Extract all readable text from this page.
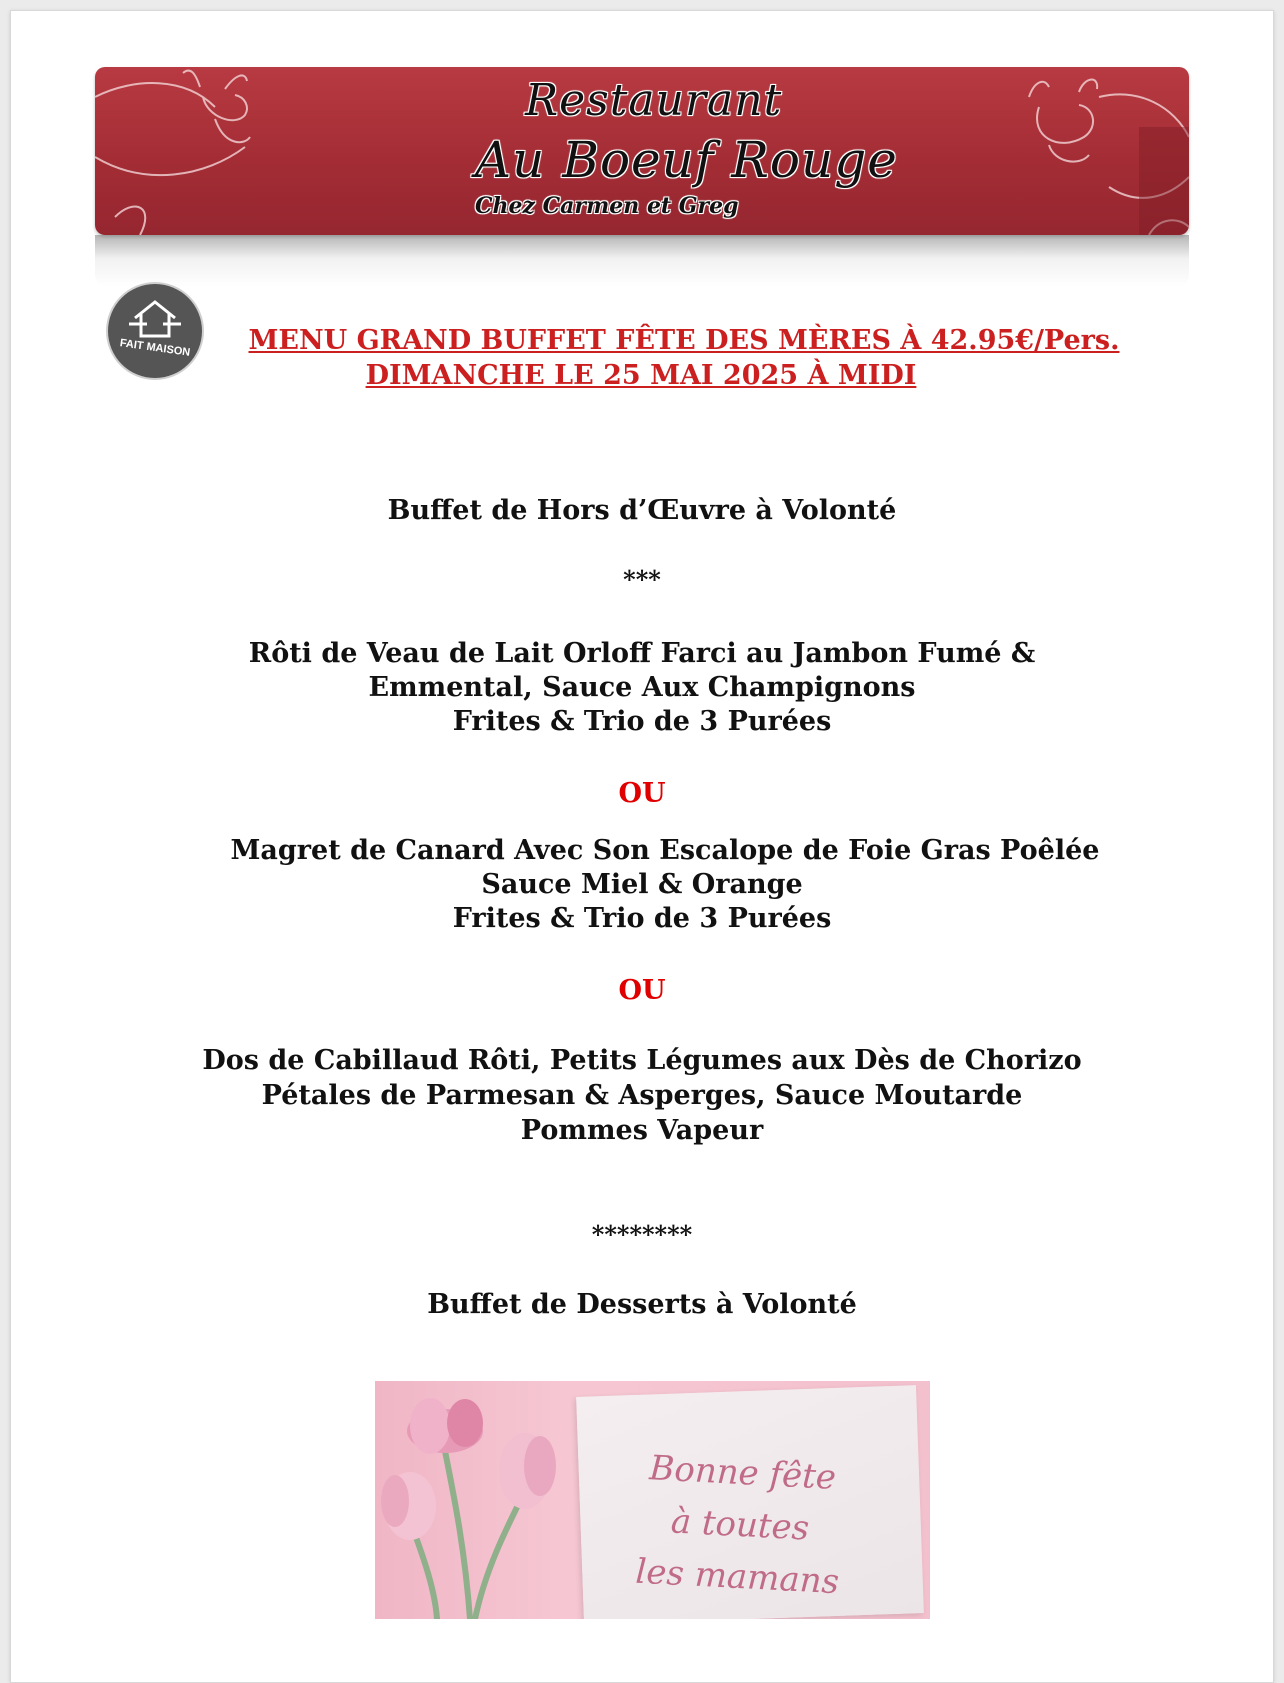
Restaurant
Au Boeuf Rouge
Chez Carmen et Greg
FAIT MAISON	MENU GRAND BUFFET FÊTE DES MÈRES À 42.95€/Pers.
DIMANCHE LE 25 MAI 2025 À MIDI
Buffet de Hors d’Œuvre à Volonté
***
Rôti de Veau de Lait Orloff Farci au Jambon Fumé &
Emmental, Sauce Aux Champignons
Frites & Trio de 3 Purées
OU
Magret de Canard Avec Son Escalope de Foie Gras Poêlée
Sauce Miel & Orange
Frites & Trio de 3 Purées
OU
Dos de Cabillaud Rôti, Petits Légumes aux Dès de Chorizo
Pétales de Parmesan & Asperges, Sauce Moutarde
Pommes Vapeur
********
Buffet de Desserts à Volonté
Bonne fête
à toutes
les mamans
